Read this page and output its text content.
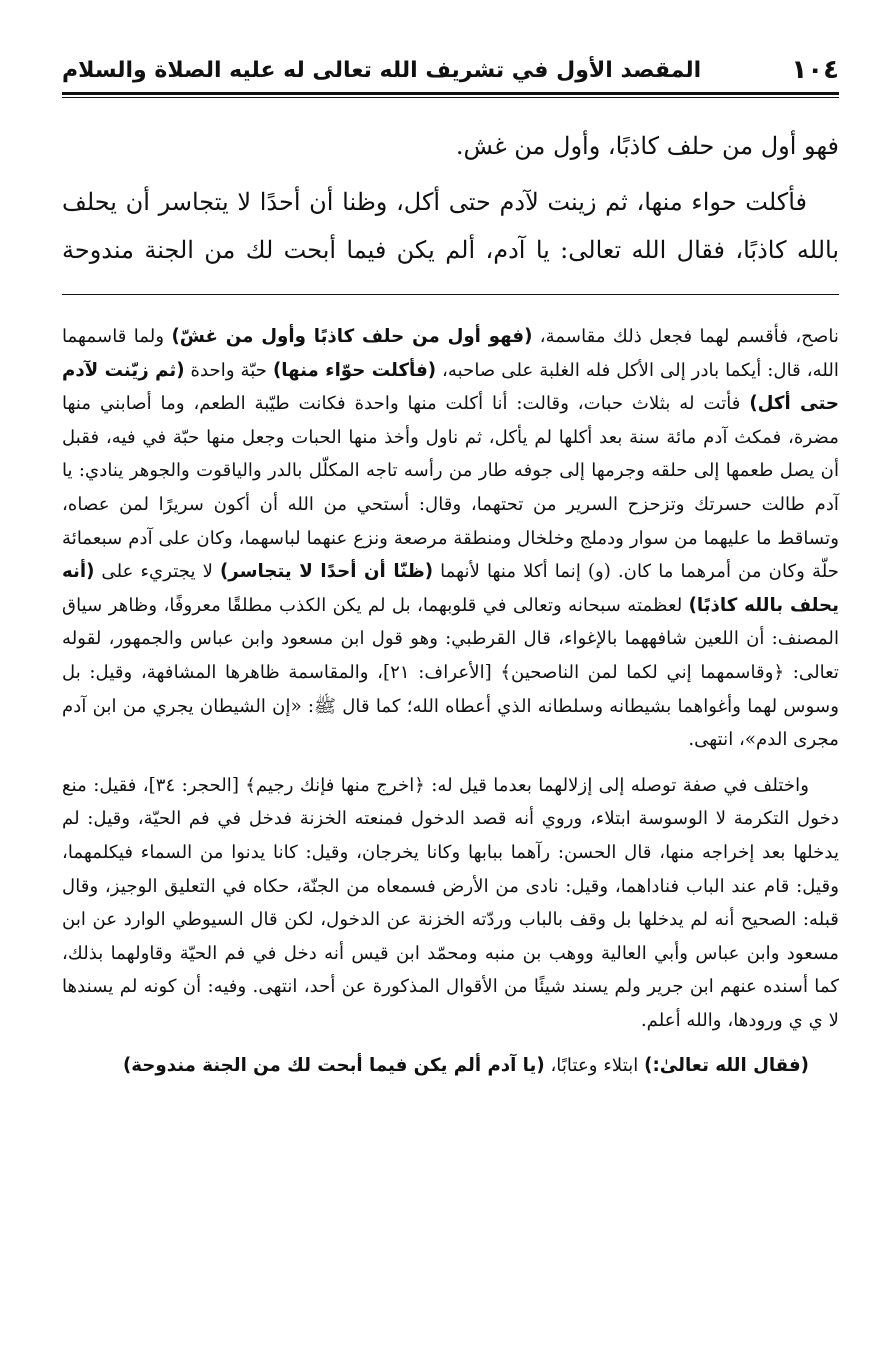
١٠٤
المقصد الأول في تشريف الله تعالى له عليه الصلاة والسلام

فهو أول من حلف كاذبًا، وأول من غش.

فأكلت حواء منها، ثم زينت لآدم حتى أكل، وظنا أن أحدًا لا يتجاسر أن يحلف بالله كاذبًا، فقال الله تعالى: يا آدم، ألم يكن فيما أبحت لك من الجنة مندوحة

ناصح، فأقسم لهما فجعل ذلك مقاسمة، (فهو أول من حلف كاذبًا وأول من غشّ) ولما قاسمهما الله، قال: أيكما بادر إلى الأكل فله الغلبة على صاحبه، (فأكلت حوّاء منها) حبّة واحدة (ثم زيّنت لآدم حتى أكل) فأتت له بثلاث حبات، وقالت: أنا أكلت منها واحدة فكانت طيّبة الطعم، وما أصابني منها مضرة، فمكث آدم مائة سنة بعد أكلها لم يأكل، ثم ناول وأخذ منها الحبات وجعل منها حبّة في فيه، فقبل أن يصل طعمها إلى حلقه وجرمها إلى جوفه طار من رأسه تاجه المكلّل بالدر والياقوت والجوهر ينادي: يا آدم طالت حسرتك وتزحزح السرير من تحتهما، وقال: أستحي من الله أن أكون سريرًا لمن عصاه، وتساقط ما عليهما من سوار ودملج وخلخال ومنطقة مرصعة ونزع عنهما لباسهما، وكان على آدم سبعمائة حلّة وكان من أمرهما ما كان. (و) إنما أكلا منها لأنهما (ظنّا أن أحدًا لا يتجاسر) لا يجتريء على (أنه يحلف بالله كاذبًا) لعظمته سبحانه وتعالى في قلوبهما، بل لم يكن الكذب مطلقًا معروفًا، وظاهر سياق المصنف: أن اللعين شافههما بالإغواء، قال القرطبي: وهو قول ابن مسعود وابن عباس والجمهور، لقوله تعالى: ﴿وقاسمهما إني لكما لمن الناصحين﴾ [الأعراف: ٢١]، والمقاسمة ظاهرها المشافهة، وقيل: بل وسوس لهما وأغواهما بشيطانه وسلطانه الذي أعطاه الله؛ كما قال ﷺ: «إن الشيطان يجري من ابن آدم مجرى الدم»، انتهى.

واختلف في صفة توصله إلى إزلالهما بعدما قيل له: ﴿اخرج منها فإنك رجيم﴾ [الحجر: ٣٤]، فقيل: منع دخول التكرمة لا الوسوسة ابتلاء، وروي أنه قصد الدخول فمنعته الخزنة فدخل في فم الحيّة، وقيل: لم يدخلها بعد إخراجه منها، قال الحسن: رآهما ببابها وكانا يخرجان، وقيل: كانا يدنوا من السماء فيكلمهما، وقيل: قام عند الباب فناداهما، وقيل: نادى من الأرض فسمعاه من الجنّة، حكاه في التعليق الوجيز، وقال قبله: الصحيح أنه لم يدخلها بل وقف بالباب وردّته الخزنة عن الدخول، لكن قال السيوطي الوارد عن ابن مسعود وابن عباس وأبي العالية ووهب بن منبه ومحمّد ابن قيس أنه دخل في فم الحيّة وقاولهما بذلك، كما أسنده عنهم ابن جرير ولم يسند شيئًا من الأقوال المذكورة عن أحد، انتهى. وفيه: أن كونه لم يسندها لا ي ي ورودها، والله أعلم.

(فقال الله تعالىٰ:) ابتلاء وعتابًا، (يا آدم ألم يكن فيما أبحت لك من الجنة مندوحة)
